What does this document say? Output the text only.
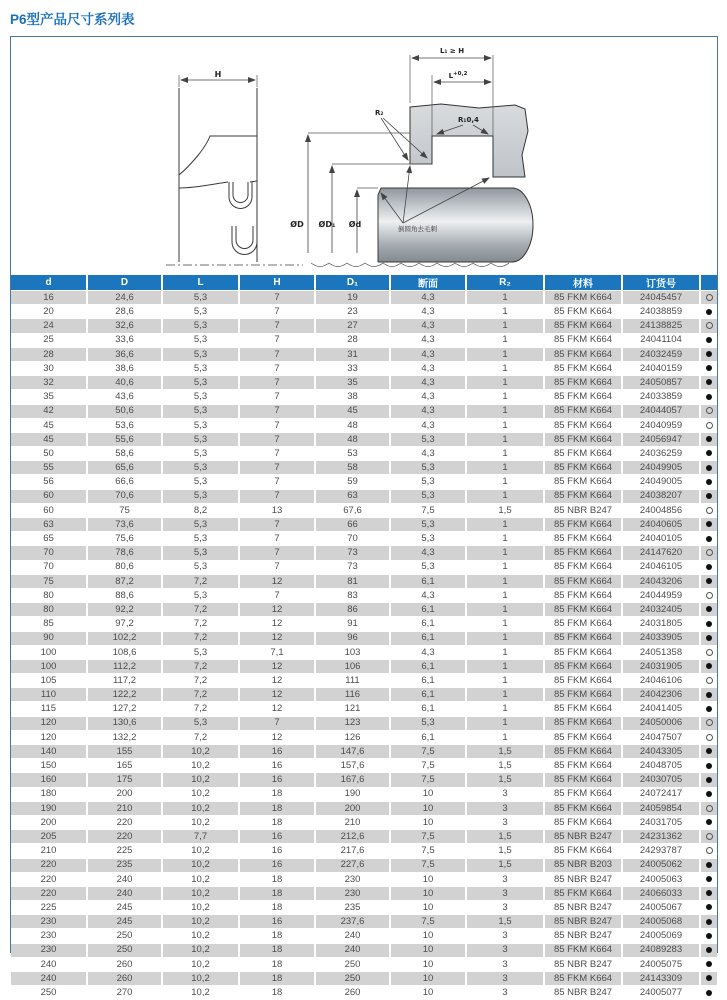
P6型产品尺寸系列表
H
L₁ ≥ H
$L^{+0,2}$
R₁0,4
R₂
ØD ØD₁ Ød	倒圆角去毛刺
d	D	L	H	D₁	断面	R₂	材料	订货号	
16	24,6	5,3	7	19	4,3	1	85 FKM K664	24045457	
20	28,6	5,3	7	23	4,3	1	85 FKM K664	24038859	
24	32,6	5,3	7	27	4,3	1	85 FKM K664	24138825	
25	33,6	5,3	7	28	4,3	1	85 FKM K664	24041104	
28	36,6	5,3	7	31	4,3	1	85 FKM K664	24032459	
30	38,6	5,3	7	33	4,3	1	85 FKM K664	24040159	
32	40,6	5,3	7	35	4,3	1	85 FKM K664	24050857	
35	43,6	5,3	7	38	4,3	1	85 FKM K664	24033859	
42	50,6	5,3	7	45	4,3	1	85 FKM K664	24044057	
45	53,6	5,3	7	48	4,3	1	85 FKM K664	24040959	
45	55,6	5,3	7	48	5,3	1	85 FKM K664	24056947	
50	58,6	5,3	7	53	4,3	1	85 FKM K664	24036259	
55	65,6	5,3	7	58	5,3	1	85 FKM K664	24049905	
56	66,6	5,3	7	59	5,3	1	85 FKM K664	24049005	
60	70,6	5,3	7	63	5,3	1	85 FKM K664	24038207	
60	75	8,2	13	67,6	7,5	1,5	85 NBR B247	24004856	
63	73,6	5,3	7	66	5,3	1	85 FKM K664	24040605	
65	75,6	5,3	7	70	5,3	1	85 FKM K664	24040105	
70	78,6	5,3	7	73	4,3	1	85 FKM K664	24147620	
70	80,6	5,3	7	73	5,3	1	85 FKM K664	24046105	
75	87,2	7,2	12	81	6,1	1	85 FKM K664	24043206	
80	88,6	5,3	7	83	4,3	1	85 FKM K664	24044959	
80	92,2	7,2	12	86	6,1	1	85 FKM K664	24032405	
85	97,2	7,2	12	91	6,1	1	85 FKM K664	24031805	
90	102,2	7,2	12	96	6,1	1	85 FKM K664	24033905	
100	108,6	5,3	7,1	103	4,3	1	85 FKM K664	24051358	
100	112,2	7,2	12	106	6,1	1	85 FKM K664	24031905	
105	117,2	7,2	12	111	6,1	1	85 FKM K664	24046106	
110	122,2	7,2	12	116	6,1	1	85 FKM K664	24042306	
115	127,2	7,2	12	121	6,1	1	85 FKM K664	24041405	
120	130,6	5,3	7	123	5,3	1	85 FKM K664	24050006	
120	132,2	7,2	12	126	6,1	1	85 FKM K664	24047507	
140	155	10,2	16	147,6	7,5	1,5	85 FKM K664	24043305	
150	165	10,2	16	157,6	7,5	1,5	85 FKM K664	24048705	
160	175	10,2	16	167,6	7,5	1,5	85 FKM K664	24030705	
180	200	10,2	18	190	10	3	85 FKM K664	24072417	
190	210	10,2	18	200	10	3	85 FKM K664	24059854	
200	220	10,2	18	210	10	3	85 FKM K664	24031705	
205	220	7,7	16	212,6	7,5	1,5	85 NBR B247	24231362	
210	225	10,2	16	217,6	7,5	1,5	85 FKM K664	24293787	
220	235	10,2	16	227,6	7,5	1,5	85 NBR B203	24005062	
220	240	10,2	18	230	10	3	85 NBR B247	24005063	
220	240	10,2	18	230	10	3	85 FKM K664	24066033	
225	245	10,2	18	235	10	3	85 NBR B247	24005067	
230	245	10,2	16	237,6	7,5	1,5	85 NBR B247	24005068	
230	250	10,2	18	240	10	3	85 NBR B247	24005069	
230	250	10,2	18	240	10	3	85 FKM K664	24089283	
240	260	10,2	18	250	10	3	85 NBR B247	24005075	
240	260	10,2	18	250	10	3	85 FKM K664	24143309	
250	270	10,2	18	260	10	3	85 NBR B247	24005077	
